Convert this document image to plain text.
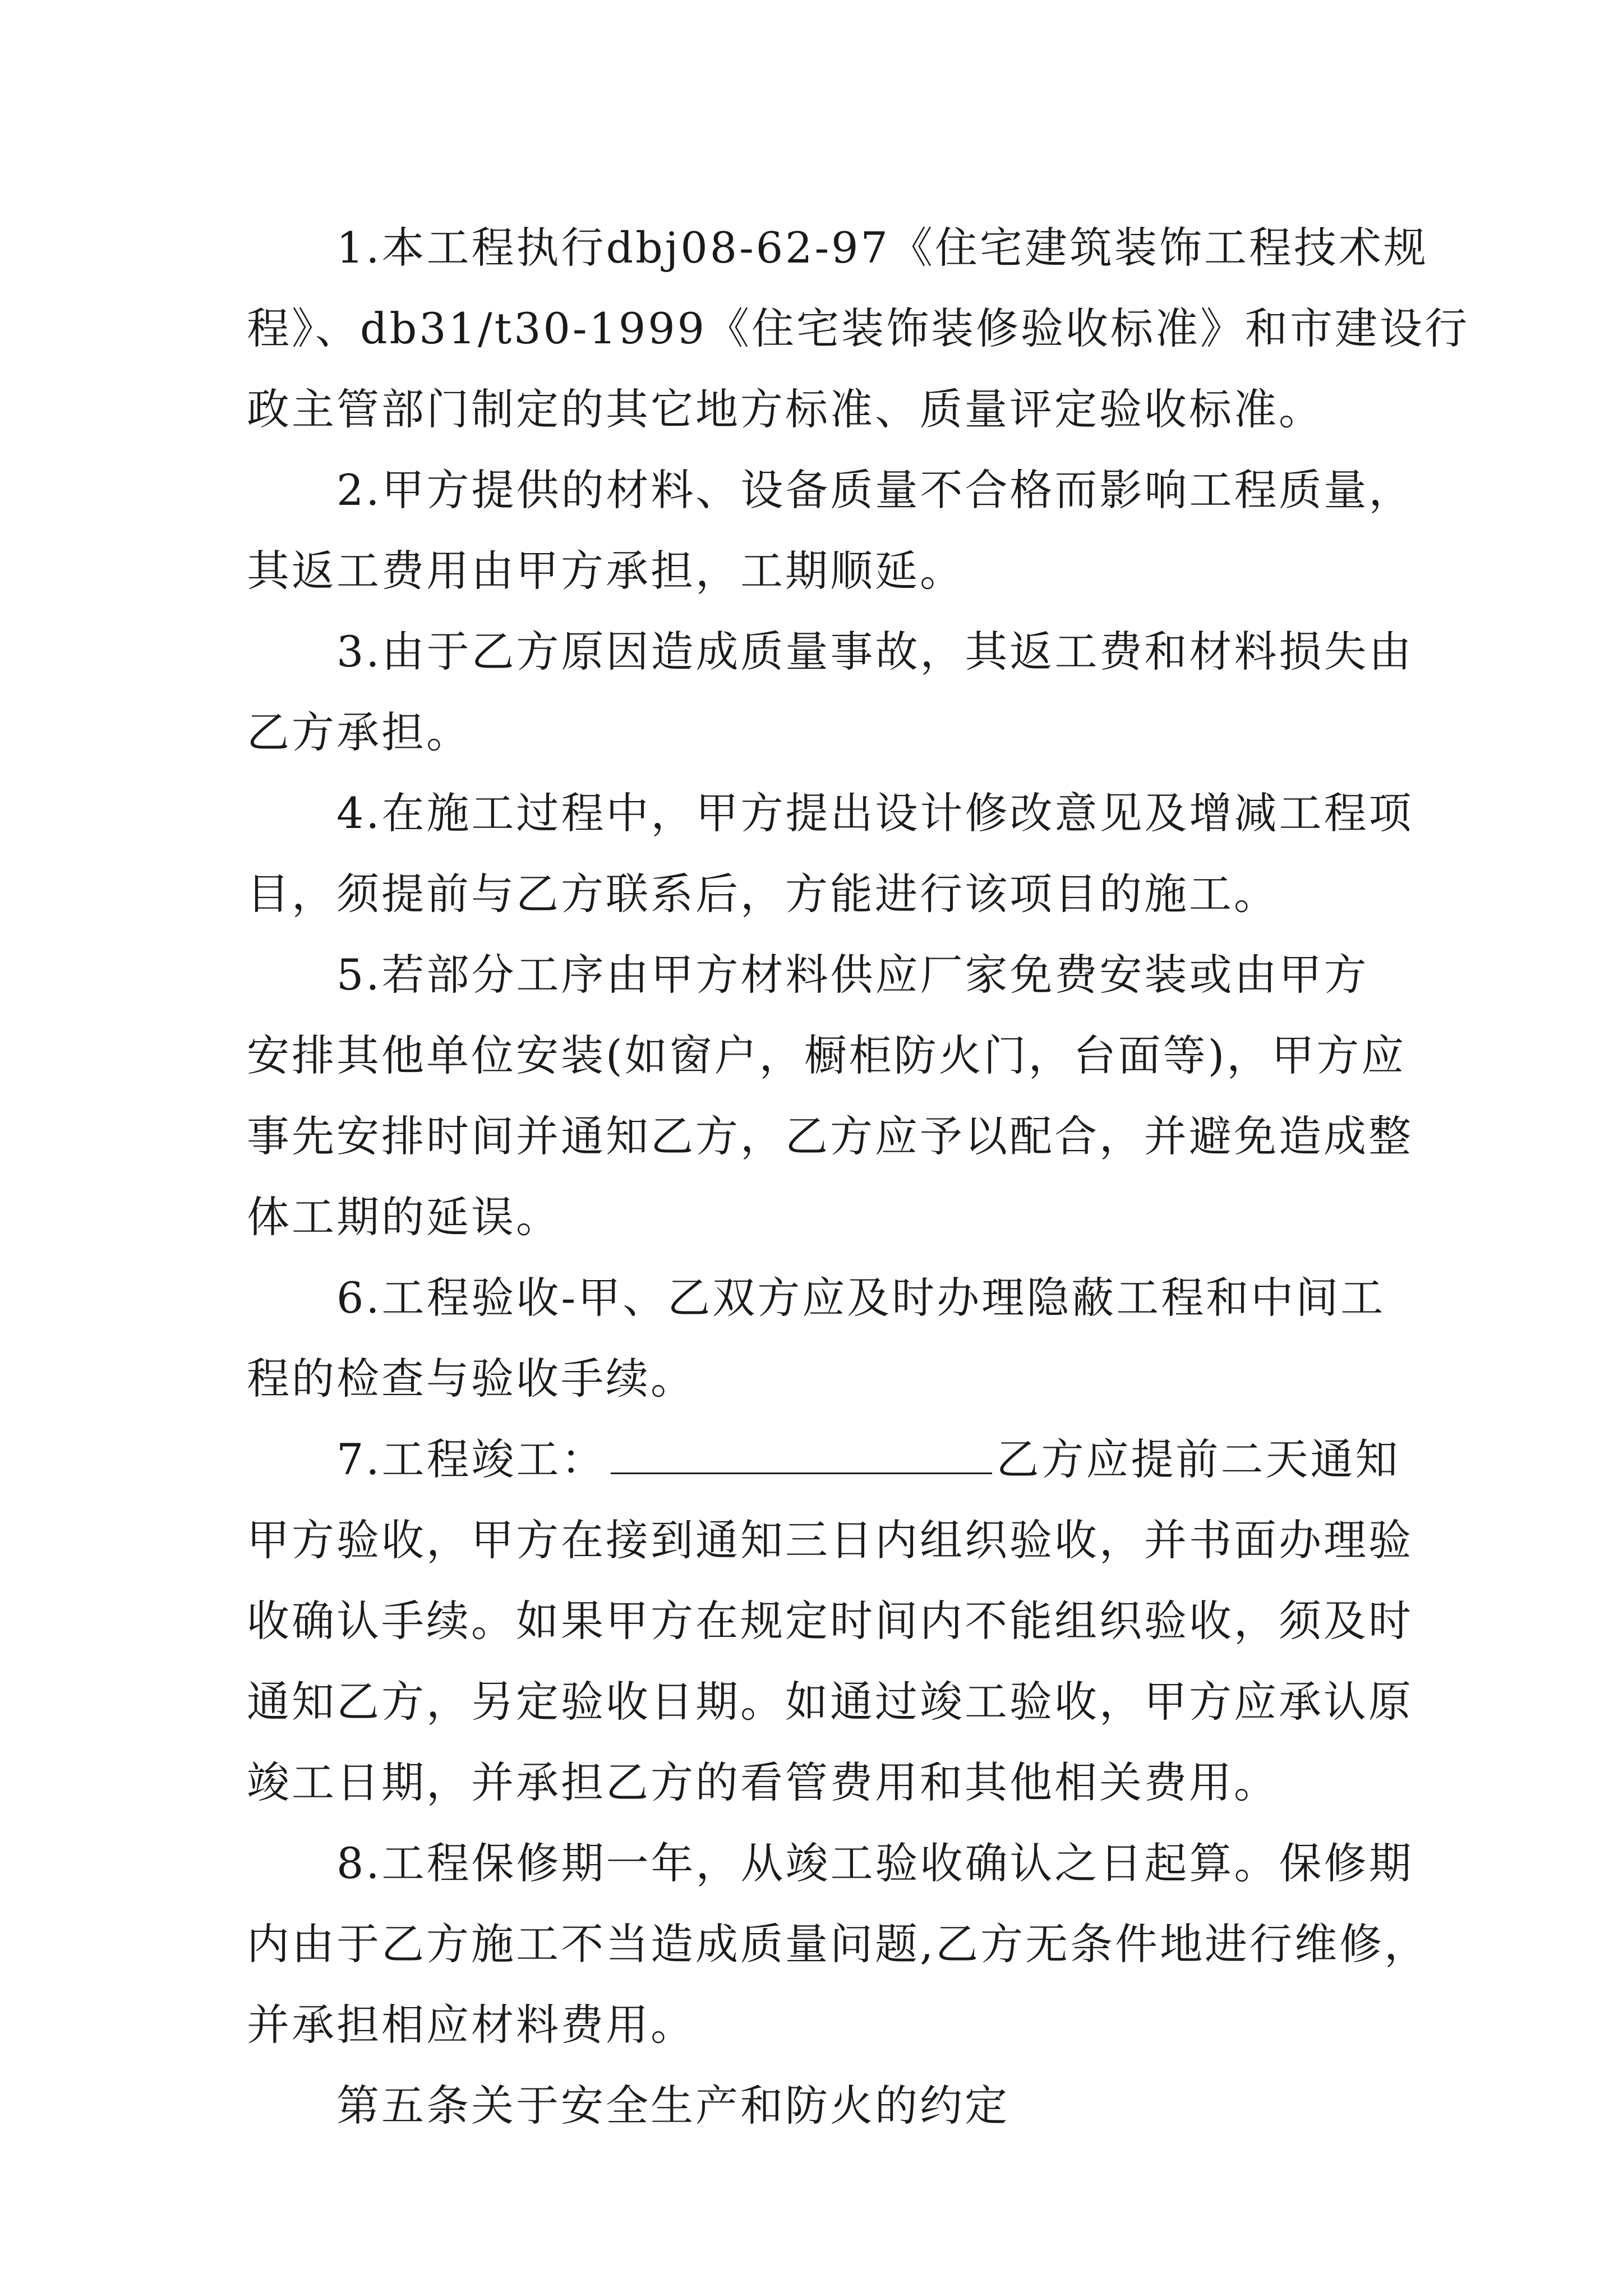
1.本工程执行dbj08-62-97《住宅建筑装饰工程技术规
程》、db31/t30-1999《住宅装饰装修验收标准》和市建设行
政主管部门制定的其它地方标准、质量评定验收标准。
2.甲方提供的材料、设备质量不合格而影响工程质量，
其返工费用由甲方承担，工期顺延。
3.由于乙方原因造成质量事故，其返工费和材料损失由
乙方承担。
4.在施工过程中，甲方提出设计修改意见及增减工程项
目，须提前与乙方联系后，方能进行该项目的施工。
5.若部分工序由甲方材料供应厂家免费安装或由甲方
安排其他单位安装(如窗户，橱柜防火门，台面等)，甲方应
事先安排时间并通知乙方，乙方应予以配合，并避免造成整
体工期的延误。
6.工程验收-甲、乙双方应及时办理隐蔽工程和中间工
程的检查与验收手续。
7.工程竣工：	乙方应提前二天通知
甲方验收，甲方在接到通知三日内组织验收，并书面办理验
收确认手续。如果甲方在规定时间内不能组织验收，须及时
通知乙方，另定验收日期。如通过竣工验收，甲方应承认原
竣工日期，并承担乙方的看管费用和其他相关费用。
8.工程保修期一年，从竣工验收确认之日起算。保修期
内由于乙方施工不当造成质量问题,乙方无条件地进行维修，
并承担相应材料费用。
第五条关于安全生产和防火的约定
